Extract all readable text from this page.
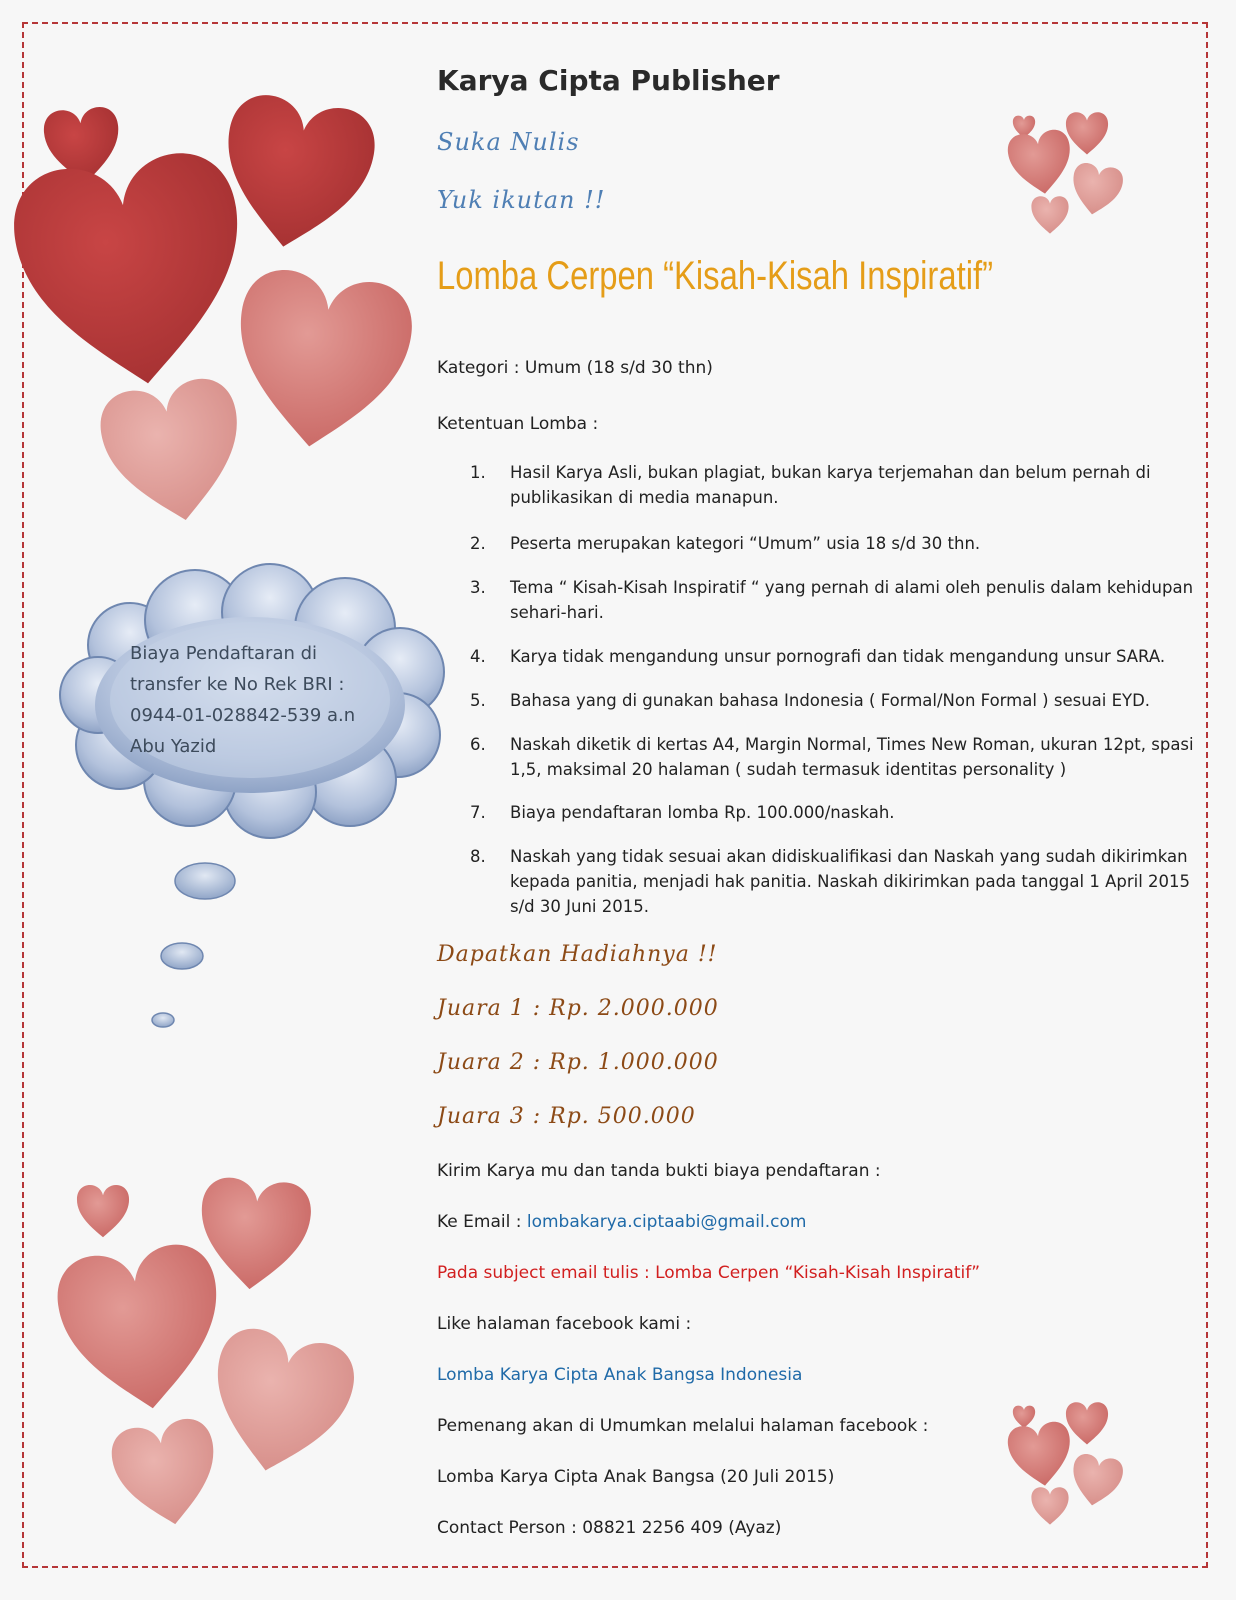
Biaya Pendaftaran di transfer ke No Rek BRI : 0944-01-028842-539 a.n Abu Yazid
Karya Cipta Publisher
Suka Nulis
Yuk ikutan !!
Lomba Cerpen “Kisah-Kisah Inspiratif”
Kategori : Umum (18 s/d 30 thn)
Ketentuan Lomba :
1.	Hasil Karya Asli, bukan plagiat, bukan karya terjemahan dan belum pernah di publikasikan di media manapun.
2.	Peserta merupakan kategori “Umum” usia 18 s/d 30 thn.
3.	Tema “ Kisah-Kisah Inspiratif “ yang pernah di alami oleh penulis dalam kehidupan sehari-hari.
4.	Karya tidak mengandung unsur pornografi dan tidak mengandung unsur SARA.
5.	Bahasa yang di gunakan bahasa Indonesia ( Formal/Non Formal ) sesuai EYD.
6.	Naskah diketik di kertas A4, Margin Normal, Times New Roman, ukuran 12pt, spasi 1,5, maksimal 20 halaman ( sudah termasuk identitas personality )
7.	Biaya pendaftaran lomba Rp. 100.000/naskah.
8.	Naskah yang tidak sesuai akan didiskualifikasi dan Naskah yang sudah dikirimkan kepada panitia, menjadi hak panitia. Naskah dikirimkan pada tanggal 1 April 2015 s/d 30 Juni 2015.
Dapatkan Hadiahnya !!
Juara 1 : Rp. 2.000.000
Juara 2 : Rp. 1.000.000
Juara 3 : Rp. 500.000
Kirim Karya mu dan tanda bukti biaya pendaftaran :
Ke Email : lombakarya.ciptaabi@gmail.com
Pada subject email tulis : Lomba Cerpen “Kisah-Kisah Inspiratif”
Like halaman facebook kami :
Lomba Karya Cipta Anak Bangsa Indonesia
Pemenang akan di Umumkan melalui halaman facebook :
Lomba Karya Cipta Anak Bangsa (20 Juli 2015)
Contact Person : 08821 2256 409 (Ayaz)
